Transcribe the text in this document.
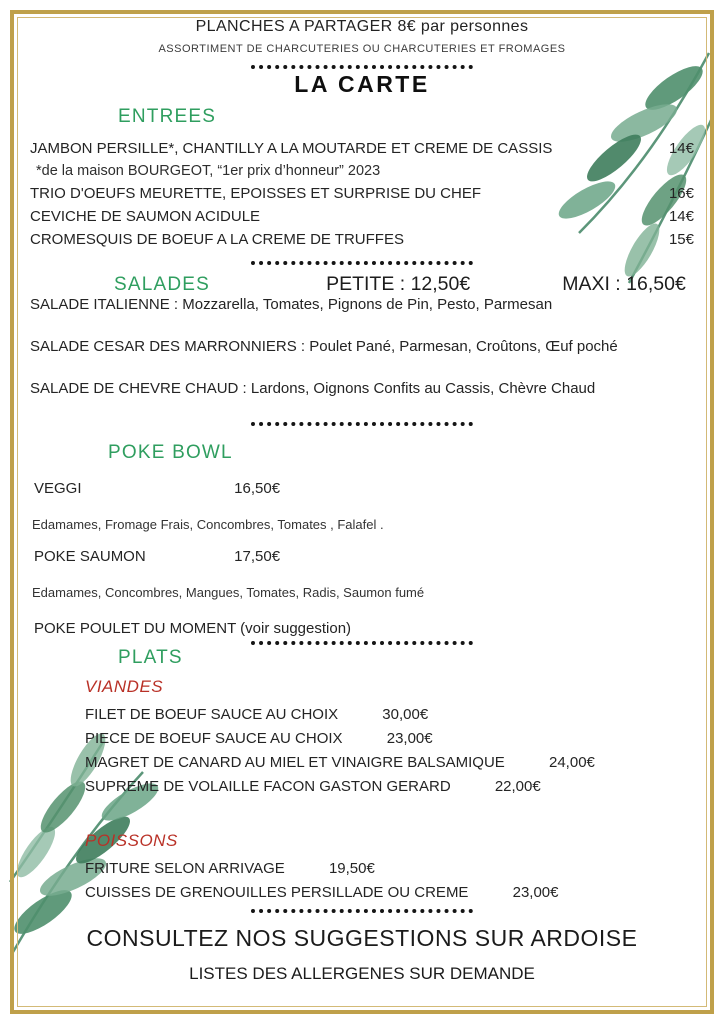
PLANCHES A PARTAGER 8€ par personnes
ASSORTIMENT DE CHARCUTERIES OU CHARCUTERIES ET FROMAGES
LA CARTE
ENTREES
JAMBON PERSILLE*, CHANTILLY A LA MOUTARDE ET CREME DE CASSIS	14€
*de la maison BOURGEOT, “1er prix d’honneur” 2023
TRIO D'OEUFS MEURETTE, EPOISSES ET SURPRISE DU CHEF	16€
CEVICHE DE SAUMON ACIDULE	14€
CROMESQUIS DE BOEUF A LA CREME DE TRUFFES	15€
SALADES	PETITE : 12,50€	MAXI : 16,50€
SALADE ITALIENNE : Mozzarella, Tomates, Pignons de Pin, Pesto, Parmesan
SALADE CESAR DES MARRONNIERS : Poulet Pané, Parmesan, Croûtons, Œuf poché
SALADE DE CHEVRE CHAUD : Lardons, Oignons Confits au Cassis, Chèvre Chaud
POKE BOWL
VEGGI	16,50€
Edamames, Fromage Frais, Concombres, Tomates , Falafel .
POKE SAUMON	17,50€
Edamames, Concombres, Mangues, Tomates, Radis, Saumon fumé
POKE POULET DU MOMENT (voir suggestion)
PLATS
VIANDES
FILET DE BOEUF SAUCE AU CHOIX	30,00€
PIECE DE BOEUF SAUCE AU CHOIX	23,00€
MAGRET DE CANARD AU MIEL ET VINAIGRE BALSAMIQUE	24,00€
SUPREME DE VOLAILLE FACON GASTON GERARD	22,00€
POISSONS
FRITURE SELON ARRIVAGE	19,50€
CUISSES DE GRENOUILLES PERSILLADE OU CREME	23,00€
CONSULTEZ NOS SUGGESTIONS SUR ARDOISE
LISTES DES ALLERGENES SUR DEMANDE
